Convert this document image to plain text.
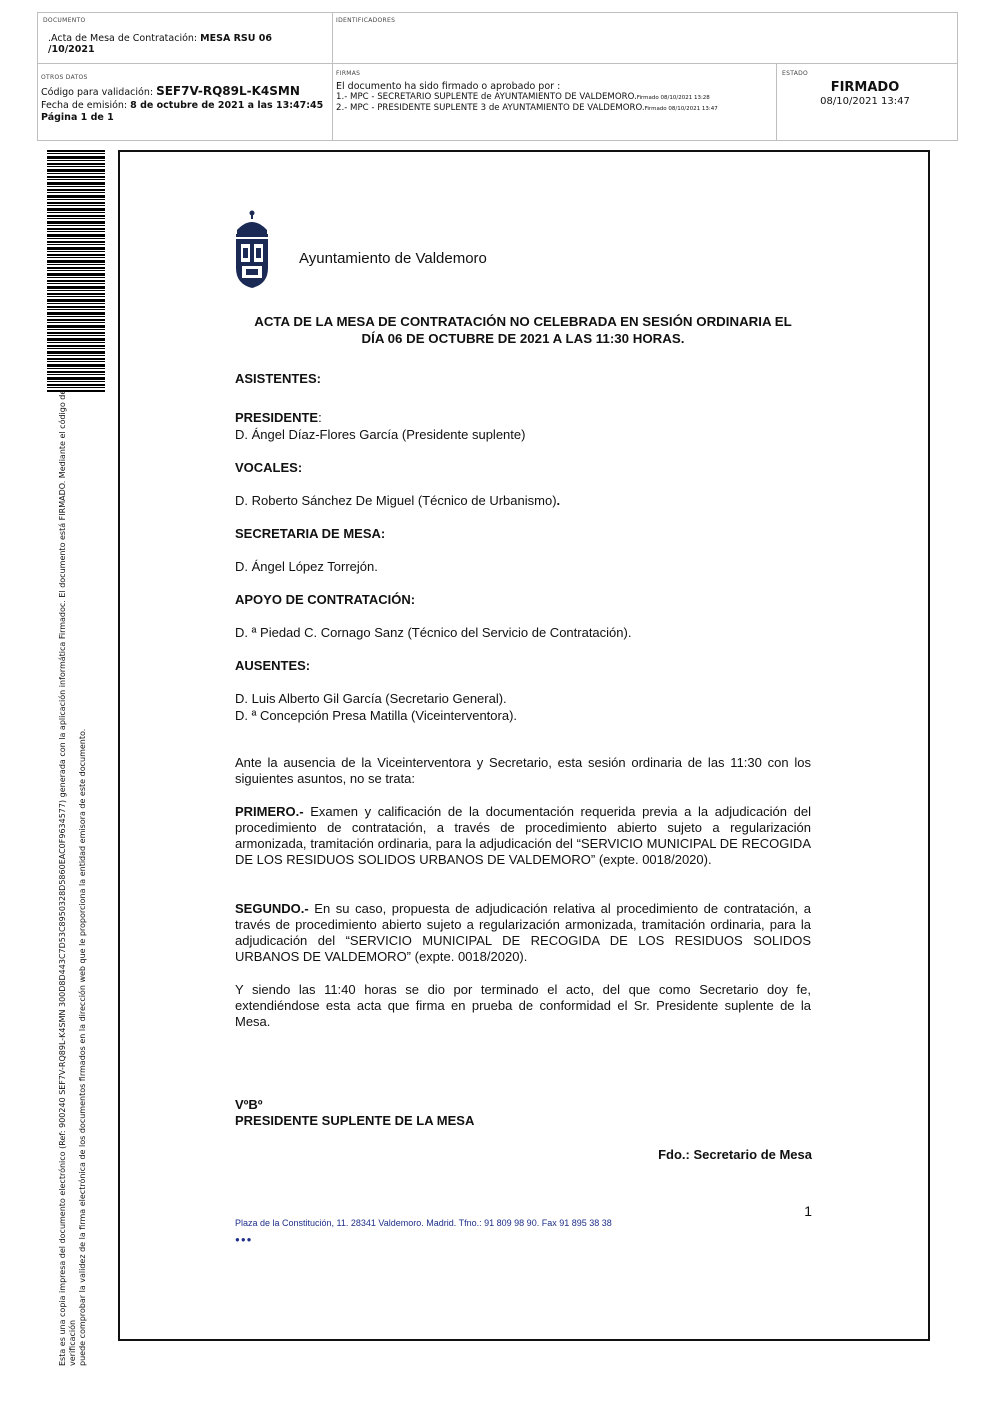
DOCUMENTO
.Acta de Mesa de Contratación: MESA RSU 06
/10/2021
IDENTIFICADORES
OTROS DATOS
Código para validación: SEF7V-RQ89L-K4SMN
Fecha de emisión: 8 de octubre de 2021 a las 13:47:45
Página 1 de 1
FIRMAS
El documento ha sido firmado o aprobado por :
1.- MPC - SECRETARIO SUPLENTE de AYUNTAMIENTO DE VALDEMORO.Firmado 08/10/2021 13:28
2.- MPC - PRESIDENTE SUPLENTE 3 de AYUNTAMIENTO DE VALDEMORO.Firmado 08/10/2021 13:47
ESTADO
FIRMADO
08/10/2021 13:47
Esta es una copia impresa del documento electrónico (Ref: 900240 SEF7V-RQ89L-K4SMN 300D8D443C7D53C8950328D5860EAC0F9634577) generada con la aplicación informática Firmadoc. El documento está FIRMADO. Mediante el código de verificación puede comprobar la validez de la firma electrónica de los documentos firmados en la dirección web que le proporciona la entidad emisora de este documento.
Ayuntamiento de Valdemoro
ACTA DE LA MESA DE CONTRATACIÓN NO CELEBRADA EN SESIÓN ORDINARIA EL
DÍA 06 DE OCTUBRE DE 2021 A LAS 11:30 HORAS.
ASISTENTES:
PRESIDENTE:
D. Ángel Díaz-Flores García (Presidente suplente)
VOCALES:
D. Roberto Sánchez De Miguel (Técnico de Urbanismo).
SECRETARIA DE MESA:
D. Ángel López Torrejón.
APOYO DE CONTRATACIÓN:
D. ª Piedad C. Cornago Sanz (Técnico del Servicio de Contratación).
AUSENTES:
D. Luis Alberto Gil García (Secretario General).
D. ª Concepción Presa Matilla (Viceinterventora).
Ante la ausencia de la Viceinterventora y Secretario, esta sesión ordinaria de las 11:30 con los siguientes asuntos, no se trata:
PRIMERO.- Examen y calificación de la documentación requerida previa a la adjudicación del procedimiento de contratación, a través de procedimiento abierto sujeto a regularización armonizada, tramitación ordinaria, para la adjudicación del “SERVICIO MUNICIPAL DE RECOGIDA DE LOS RESIDUOS SOLIDOS URBANOS DE VALDEMORO” (expte. 0018/2020).
SEGUNDO.- En su caso, propuesta de adjudicación relativa al procedimiento de contratación, a través de procedimiento abierto sujeto a regularización armonizada, tramitación ordinaria, para la adjudicación del “SERVICIO MUNICIPAL DE RECOGIDA DE LOS RESIDUOS SOLIDOS URBANOS DE VALDEMORO” (expte. 0018/2020).
Y siendo las 11:40 horas se dio por terminado el acto, del que como Secretario doy fe, extendiéndose esta acta que firma en prueba de conformidad el Sr. Presidente suplente de la Mesa.
VºBº
PRESIDENTE SUPLENTE DE LA MESA
Fdo.: Secretario de Mesa
1
Plaza de la Constitución, 11. 28341 Valdemoro. Madrid. Tfno.: 91 809 98 90. Fax 91 895 38 38
●●●
